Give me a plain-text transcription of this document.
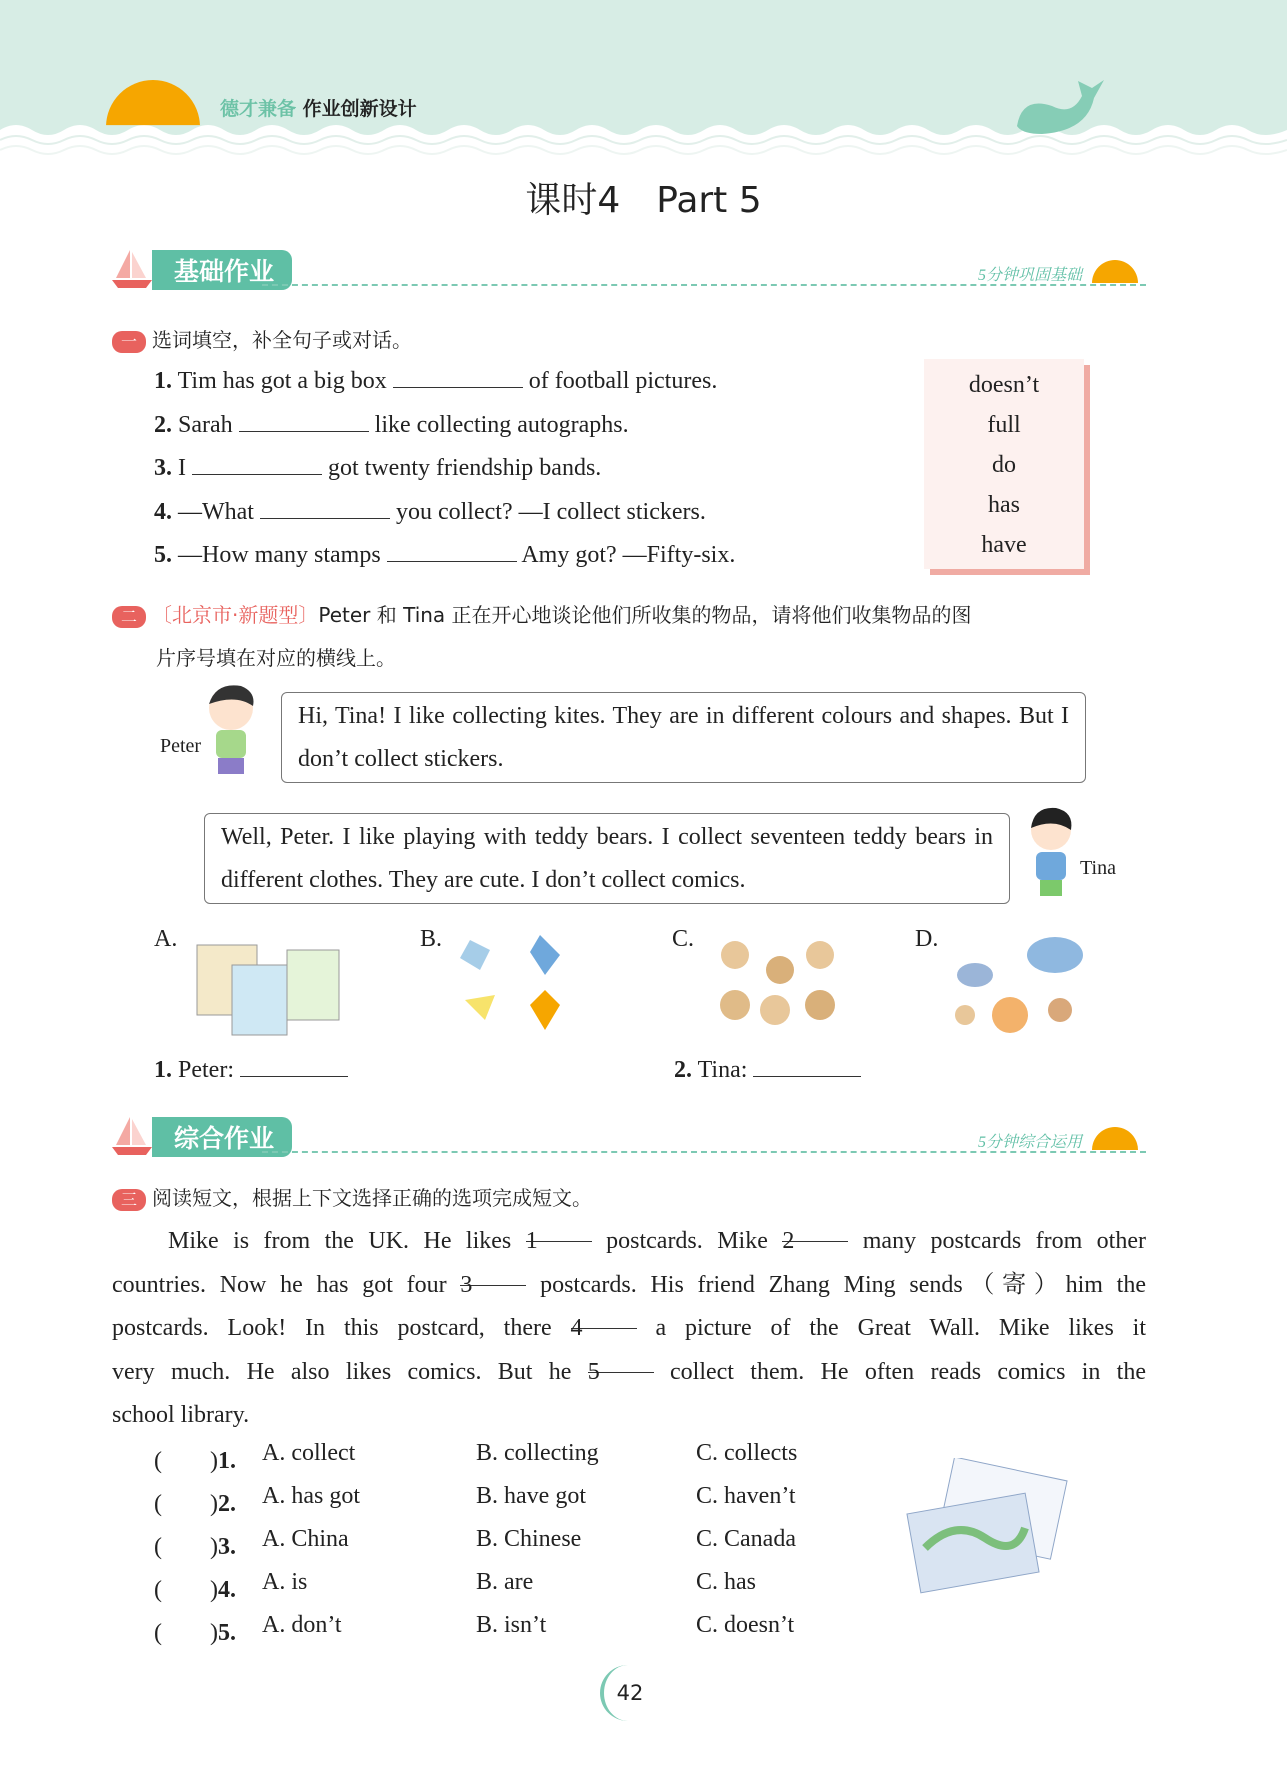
德才兼备 作业创新设计
课时4　Part 5
基础作业	5分钟巩固基础
一 选词填空，补全句子或对话。
1. Tim has got a big box	of football pictures.
2. Sarah	like collecting autographs.
3. I	got twenty friendship bands.
4. —What	you collect? —I collect stickers.
5. —How many stamps	Amy got? —Fifty-six.
doesn’t
full
do
has
have
二 〔北京市·新题型〕Peter 和 Tina 正在开心地谈论他们所收集的物品，请将他们收集物品的图
片序号填在对应的横线上。
Peter
Hi, Tina! I like collecting kites. They are in different colours and shapes. But I don’t collect stickers.
Well, Peter. I like playing with teddy bears. I collect seventeen teddy bears in different clothes. They are cute. I don’t collect comics.	Tina
A.	B.	C.	D.
1. Peter:	2. Tina:
综合作业	5分钟综合运用
三 阅读短文，根据上下文选择正确的选项完成短文。
Mike is from the UK. He likes 1	postcards. Mike 2	many postcards from other
countries. Now he has got four 3	postcards. His friend Zhang Ming sends（寄）him the
postcards. Look! In this postcard, there 4	a picture of the Great Wall. Mike likes it
very much. He also likes comics. But he 5	collect them. He often reads comics in the
school library.
(　　)1. A. collect	B. collecting	C. collects
(　　)2. A. has got	B. have got	C. haven’t
(　　)3. A. China	B. Chinese	C. Canada
(　　)4. A. is	B. are	C. has
(　　)5. A. don’t	B. isn’t	C. doesn’t
42
